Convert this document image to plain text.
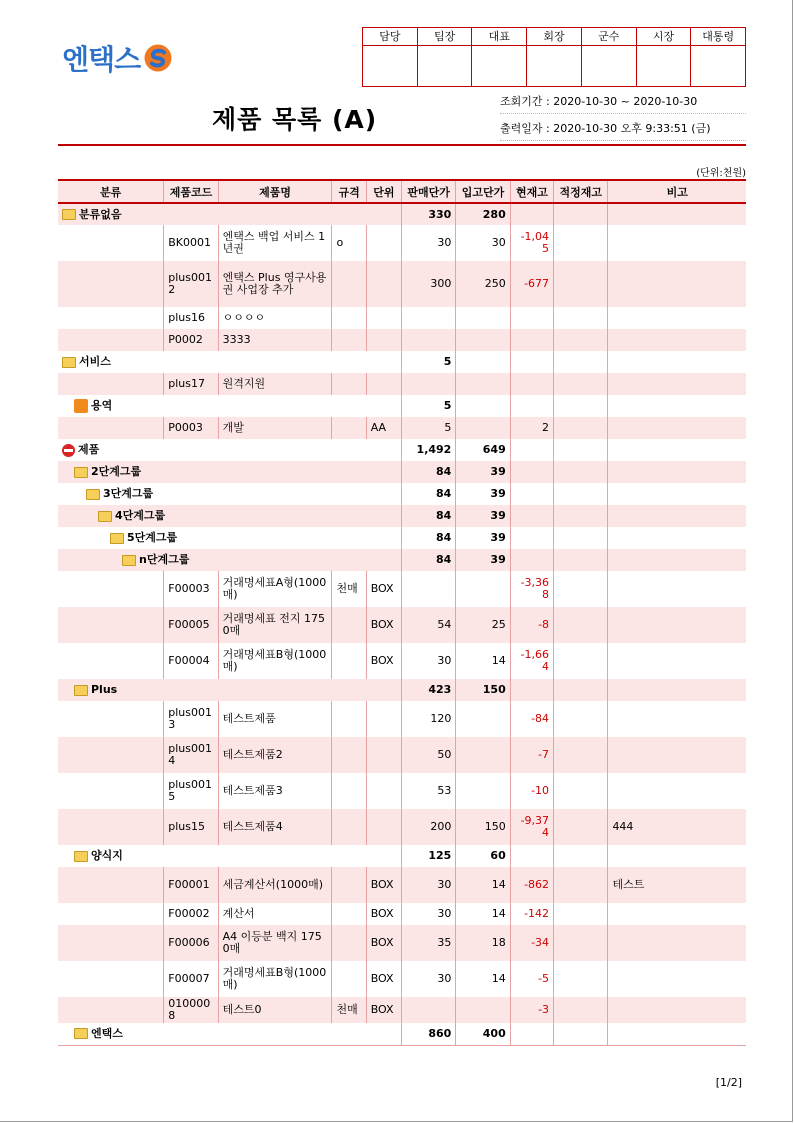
엔택스
담당	팀장	대표	회장	군수	시장	대통령
제품 목록 (A)
조회기간 : 2020-10-30 ~ 2020-10-30
출력일자 : 2020-10-30 오후 9:33:51 (금)
(단위:천원)
분류	제품코드	제품명	규격	단위	판매단가	입고단가	현재고	적정재고	비고

분류없음					330	280			
	BK0001	엔택스 백업 서비스 1년권	o		30	30	-1,045		
	plus0012	엔택스 Plus 영구사용권 사업장 추가			300	250	-677		
	plus16	ㅇㅇㅇㅇ							
	P0002	3333							

서비스					5				
	plus17	원격지원							

용역					5				
	P0003	개발		AA	5		2		

제품					1,492	649			

2단계그룹					84	39			

3단계그룹					84	39			

4단계그룹					84	39			

5단계그룹					84	39			

n단계그룹					84	39			
	F00003	거래명세표A형(1000매)	천매	BOX			-3,368		
	F00005	거래명세표 전지 1750매		BOX	54	25	-8		
	F00004	거래명세표B형(1000매)		BOX	30	14	-1,664		

Plus					423	150			
	plus0013	테스트제품			120		-84		
	plus0014	테스트제품2			50		-7		
	plus0015	테스트제품3			53		-10		
	plus15	테스트제품4			200	150	-9,374		444

양식지					125	60			
	F00001	세금계산서(1000매)		BOX	30	14	-862		테스트
	F00002	계산서		BOX	30	14	-142		
	F00006	A4 이등분 백지 1750매		BOX	35	18	-34		
	F00007	거래명세표B형(1000매)		BOX	30	14	-5		
	0100008	테스트0	천매	BOX			-3		

엔택스					860	400			
[1/2]
